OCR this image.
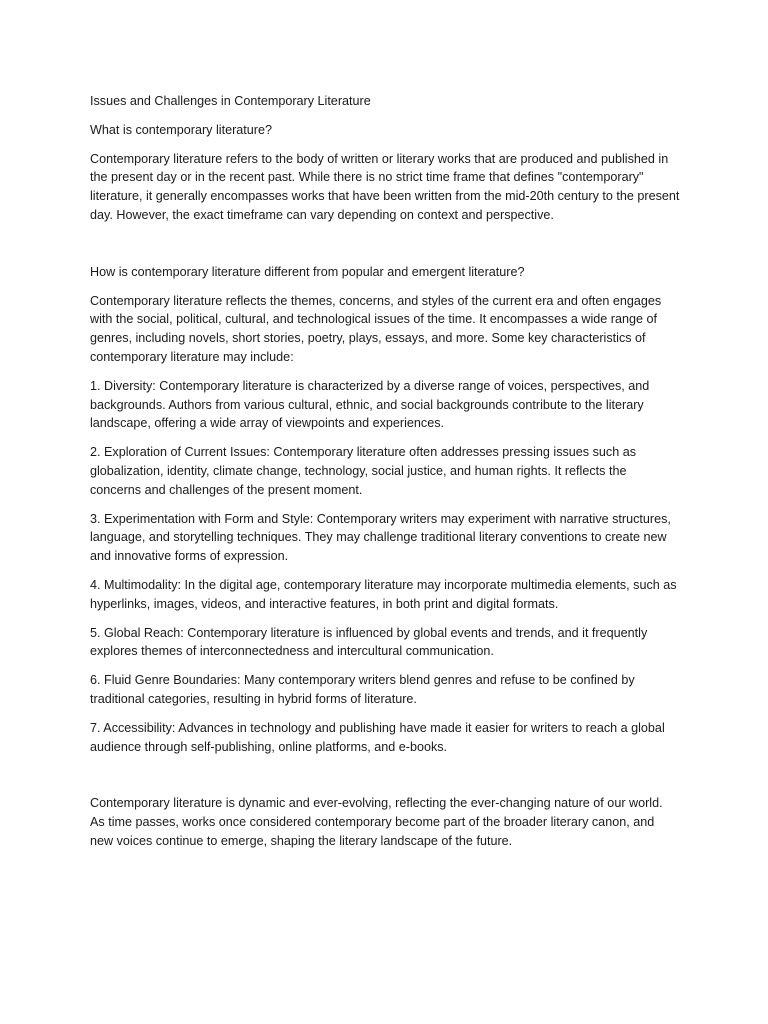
Issues and Challenges in Contemporary Literature

What is contemporary literature?

Contemporary literature refers to the body of written or literary works that are produced and published in the present day or in the recent past. While there is no strict time frame that defines "contemporary" literature, it generally encompasses works that have been written from the mid-20th century to the present day. However, the exact timeframe can vary depending on context and perspective.

How is contemporary literature different from popular and emergent literature?

Contemporary literature reflects the themes, concerns, and styles of the current era and often engages with the social, political, cultural, and technological issues of the time. It encompasses a wide range of genres, including novels, short stories, poetry, plays, essays, and more. Some key characteristics of contemporary literature may include:

1. Diversity: Contemporary literature is characterized by a diverse range of voices, perspectives, and backgrounds. Authors from various cultural, ethnic, and social backgrounds contribute to the literary landscape, offering a wide array of viewpoints and experiences.

2. Exploration of Current Issues: Contemporary literature often addresses pressing issues such as globalization, identity, climate change, technology, social justice, and human rights. It reflects the concerns and challenges of the present moment.

3. Experimentation with Form and Style: Contemporary writers may experiment with narrative structures, language, and storytelling techniques. They may challenge traditional literary conventions to create new and innovative forms of expression.

4. Multimodality: In the digital age, contemporary literature may incorporate multimedia elements, such as hyperlinks, images, videos, and interactive features, in both print and digital formats.

5. Global Reach: Contemporary literature is influenced by global events and trends, and it frequently explores themes of interconnectedness and intercultural communication.

6. Fluid Genre Boundaries: Many contemporary writers blend genres and refuse to be confined by traditional categories, resulting in hybrid forms of literature.

7. Accessibility: Advances in technology and publishing have made it easier for writers to reach a global audience through self-publishing, online platforms, and e-books.

Contemporary literature is dynamic and ever-evolving, reflecting the ever-changing nature of our world. As time passes, works once considered contemporary become part of the broader literary canon, and new voices continue to emerge, shaping the literary landscape of the future.
